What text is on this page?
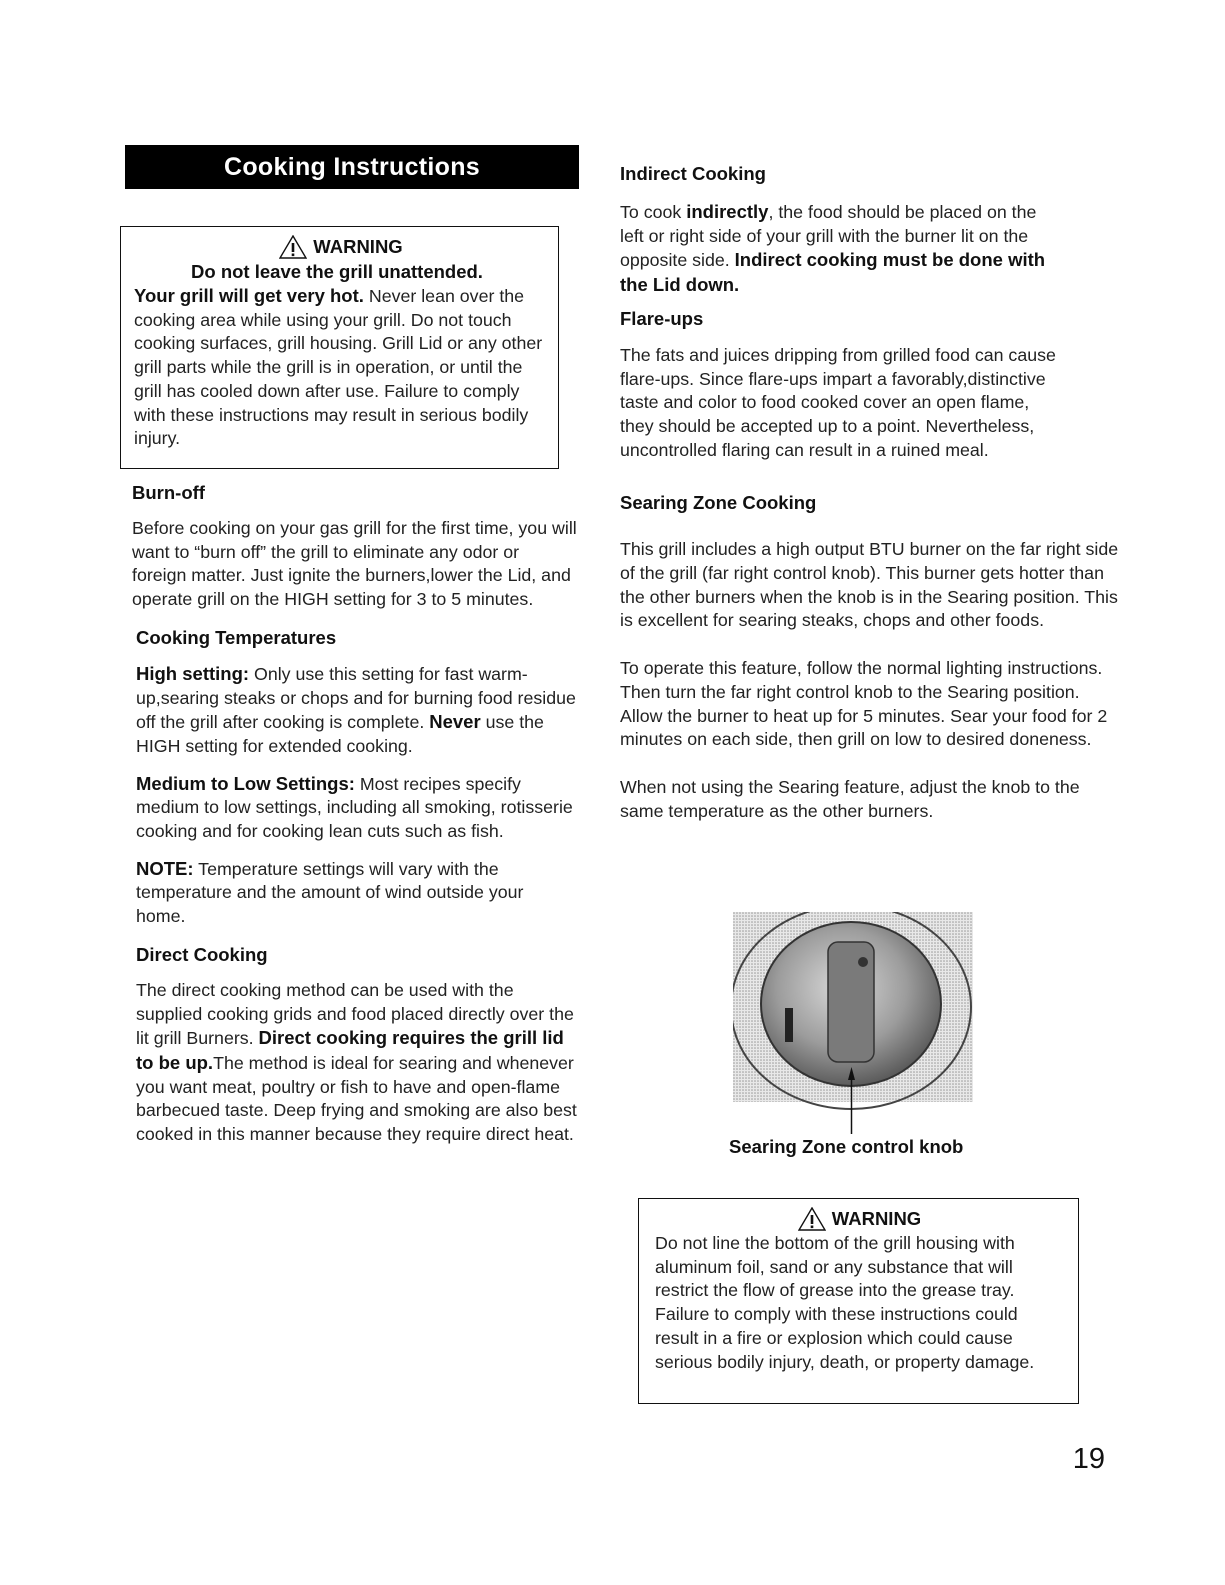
Cooking Instructions
WARNING
Do not leave the grill unattended.

Your grill will get very hot. Never lean over the cooking area while using your grill. Do not touch cooking surfaces, grill housing. Grill Lid or any other grill parts while the grill is in operation, or until the grill has cooled down after use. Failure to comply with these instructions may result in serious bodily injury.

Burn-off

Before cooking on your gas grill for the first time, you will want to “burn off” the grill to eliminate any odor or foreign matter. Just ignite the burners,lower the Lid, and operate grill on the HIGH setting for 3 to 5 minutes.

Cooking Temperatures

High setting: Only use this setting for fast warm-up,searing steaks or chops and for burning food residue off the grill after cooking is complete. Never use the HIGH setting for extended cooking.

Medium to Low Settings: Most recipes specify medium to low settings, including all smoking, rotisserie cooking and for cooking lean cuts such as fish.

NOTE: Temperature settings will vary with the temperature and the amount of wind outside your home.

Direct Cooking

The direct cooking method can be used with the supplied cooking grids and food placed directly over the lit grill Burners. Direct cooking requires the grill lid to be up.The method is ideal for searing and whenever you want meat, poultry or fish to have and open-flame barbecued taste. Deep frying and smoking are also best cooked in this manner because they require direct heat.

Indirect Cooking

To cook indirectly, the food should be placed on the left or right side of your grill with the burner lit on the opposite side. Indirect cooking must be done with the Lid down.

Flare-ups

The fats and juices dripping from grilled food can cause flare-ups. Since flare-ups impart a favorably,distinctive taste and color to food cooked cover an open flame, they should be accepted up to a point. Nevertheless, uncontrolled flaring can result in a ruined meal.

Searing Zone Cooking

This grill includes a high output BTU burner on the far right side of the grill (far right control knob). This burner gets hotter than the other burners when the knob is in the Searing position. This is excellent for searing steaks, chops and other foods.

To operate this feature, follow the normal lighting instructions. Then turn the far right control knob to the Searing position. Allow the burner to heat up for 5 minutes. Sear your food for 2 minutes on each side, then grill on low to desired doneness.

When not using the Searing feature, adjust the knob to the same temperature as the other burners.

Searing Zone control knob
WARNING

Do not line the bottom of the grill housing with aluminum foil, sand or any substance that will restrict the flow of grease into the grease tray. Failure to comply with these instructions could result in a fire or explosion which could cause serious bodily injury, death, or property damage.

19
